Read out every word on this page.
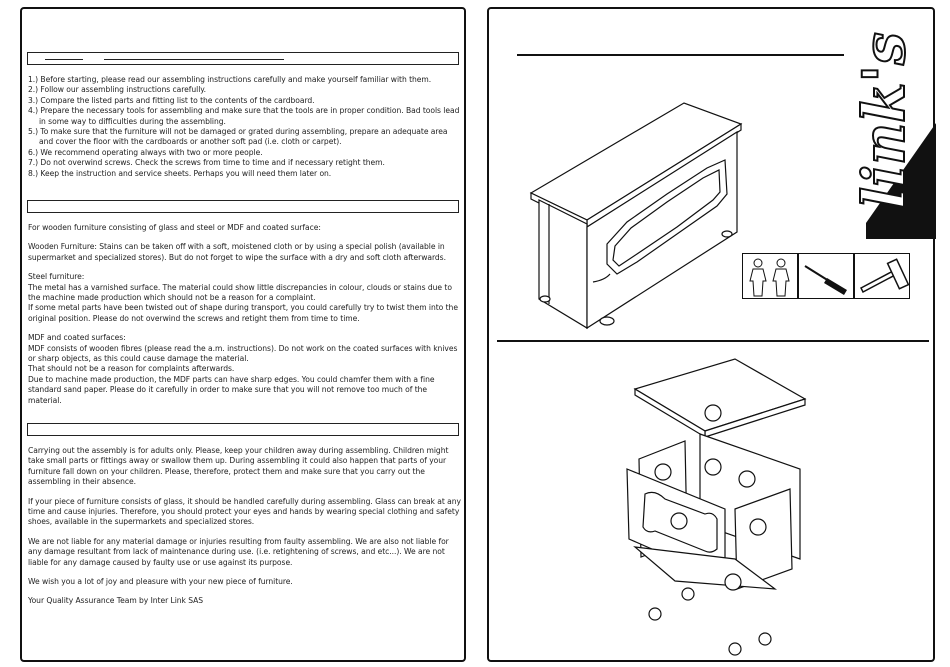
1.) Before starting, please read our assembling instructions carefully and make yourself familiar with them.

2.) Follow our assembling instructions carefully.

3.) Compare the listed parts and fitting list to the contents of the cardboard.

4.) Prepare the necessary tools for assembling and make sure that the tools are in proper condition. Bad tools lead in some way to difficulties during the assembling.

5.) To make sure that the furniture will not be damaged or grated during assembling, prepare an adequate area and cover the floor with the cardboards or another soft pad (i.e. cloth or carpet).

6.) We recommend operating always with two or more people.

7.) Do not overwind screws. Check the screws from time to time and if necessary retight them.

8.) Keep the instruction and service sheets. Perhaps you will need them later on.

For wooden furniture consisting of glass and steel or MDF and coated surface:

Wooden Furniture: Stains can be taken off with a soft, moistened cloth or by using a special polish (available in supermarket and specialized stores). But do not forget to wipe the surface with a dry and soft cloth afterwards.

Steel furniture:

The metal has a varnished surface. The material could show little discrepancies in colour, clouds or stains due to the machine made production which should not be a reason for a complaint.

If some metal parts have been twisted out of shape during transport, you could carefully try to twist them into the original position. Please do not overwind the screws and retight them from time to time.

MDF and coated surfaces:

MDF consists of wooden fibres (please read the a.m. instructions). Do not work on the coated surfaces with knives or sharp objects, as this could cause damage the material.

That should not be a reason for complaints afterwards.

Due to machine made production, the MDF parts can have sharp edges. You could chamfer them with a fine standard sand paper. Please do it carefully in order to make sure that you will not remove too much of the material.

Carrying out the assembly is for adults only. Please, keep your children away during assembling. Children might take small parts or fittings away or swallow them up. During assembling it could also happen that parts of your furniture fall down on your children. Please, therefore, protect them and make sure that you carry out the assembling in their absence.

If your piece of furniture consists of glass, it should be handled carefully during assembling. Glass can break at any time and cause injuries. Therefore, you should protect your eyes and hands by wearing special clothing and safety shoes, available in the supermarkets and specialized stores.

We are not liable for any material damage or injuries resulting from faulty assembling. We are also not liable for any damage resultant from lack of maintenance during use. (i.e. retightening of screws, and etc...). We are not liable for any damage caused by faulty use or use against its purpose.

We wish you a lot of joy and pleasure with your new piece of furniture.

Your Quality Assurance Team by Inter Link SAS

link's
